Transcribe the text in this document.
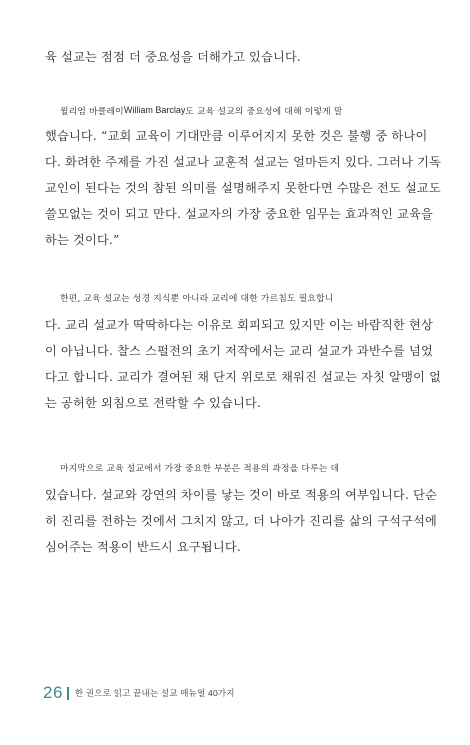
육 설교는 점점 더 중요성을 더해가고 있습니다.
윌리엄 바클레이William Barclay도 교육 설교의 중요성에 대해 이렇게 말
했습니다. “교회 교육이 기대만큼 이루어지지 못한 것은 불행 중 하나이
다. 화려한 주제를 가진 설교나 교훈적 설교는 얼마든지 있다. 그러나 기독
교인이 된다는 것의 참된 의미를 설명해주지 못한다면 수많은 전도 설교도
쓸모없는 것이 되고 만다. 설교자의 가장 중요한 임무는 효과적인 교육을
하는 것이다.”
한편, 교육 설교는 성경 지식뿐 아니라 교리에 대한 가르침도 필요합니
다. 교리 설교가 딱딱하다는 이유로 회피되고 있지만 이는 바람직한 현상
이 아닙니다. 찰스 스펄전의 초기 저작에서는 교리 설교가 과반수를 넘었
다고 합니다. 교리가 결여된 채 단지 위로로 채워진 설교는 자칫 알맹이 없
는 공허한 외침으로 전락할 수 있습니다.
마지막으로 교육 설교에서 가장 중요한 부분은 적용의 과정을 다루는 데
있습니다. 설교와 강연의 차이를 낳는 것이 바로 적용의 여부입니다. 단순
히 진리를 전하는 것에서 그치지 않고, 더 나아가 진리를 삶의 구석구석에
심어주는 적용이 반드시 요구됩니다.
26 한 권으로 읽고 끝내는 설교 매뉴얼 40가지
